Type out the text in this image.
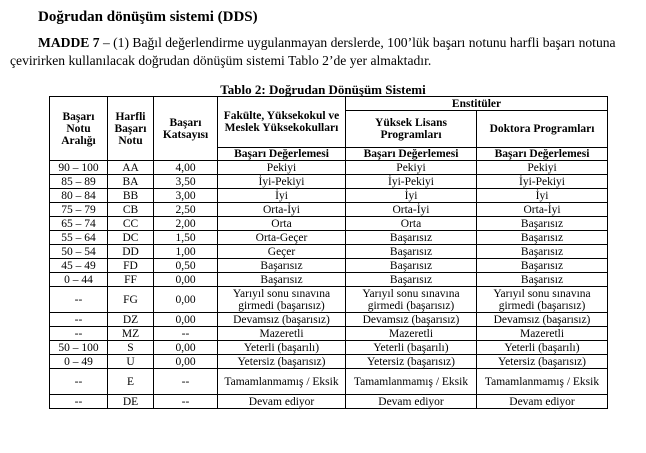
Doğrudan dönüşüm sistemi (DDS)

MADDE 7 – (1) Bağıl değerlendirme uygulanmayan derslerde, 100’lük başarı notunu harfli başarı notuna çevirirken kullanılacak doğrudan dönüşüm sistemi Tablo 2’de yer almaktadır.

Tablo 2: Doğrudan Dönüşüm Sistemi

Başarı Notu Aralığı	Harfli Başarı Notu	Başarı Katsayısı	Fakülte, Yüksekokul ve Meslek Yüksekokulları	Enstitüler	
				Yüksek Lisans Programları	Doktora Programları
			Başarı Değerlemesi	Başarı Değerlemesi	Başarı Değerlemesi
90 – 100	AA	4,00	Pekiyi	Pekiyi	Pekiyi
85 – 89	BA	3,50	İyi-Pekiyi	İyi-Pekiyi	İyi-Pekiyi
80 – 84	BB	3,00	İyi	İyi	İyi
75 – 79	CB	2,50	Orta-İyi	Orta-İyi	Orta-İyi
65 – 74	CC	2,00	Orta	Orta	Başarısız
55 – 64	DC	1,50	Orta-Geçer	Başarısız	Başarısız
50 – 54	DD	1,00	Geçer	Başarısız	Başarısız
45 – 49	FD	0,50	Başarısız	Başarısız	Başarısız
0 – 44	FF	0,00	Başarısız	Başarısız	Başarısız
--	FG	0,00	Yarıyıl sonu sınavına girmedi (başarısız)	Yarıyıl sonu sınavına girmedi (başarısız)	Yarıyıl sonu sınavına girmedi (başarısız)
--	DZ	0,00	Devamsız (başarısız)	Devamsız (başarısız)	Devamsız (başarısız)
--	MZ	--	Mazeretli	Mazeretli	Mazeretli
50 – 100	S	0,00	Yeterli (başarılı)	Yeterli (başarılı)	Yeterli (başarılı)
0 – 49	U	0,00	Yetersiz (başarısız)	Yetersiz (başarısız)	Yetersiz (başarısız)
--	E	--	Tamamlanmamış / Eksik	Tamamlanmamış / Eksik	Tamamlanmamış / Eksik
--	DE	--	Devam ediyor	Devam ediyor	Devam ediyor
